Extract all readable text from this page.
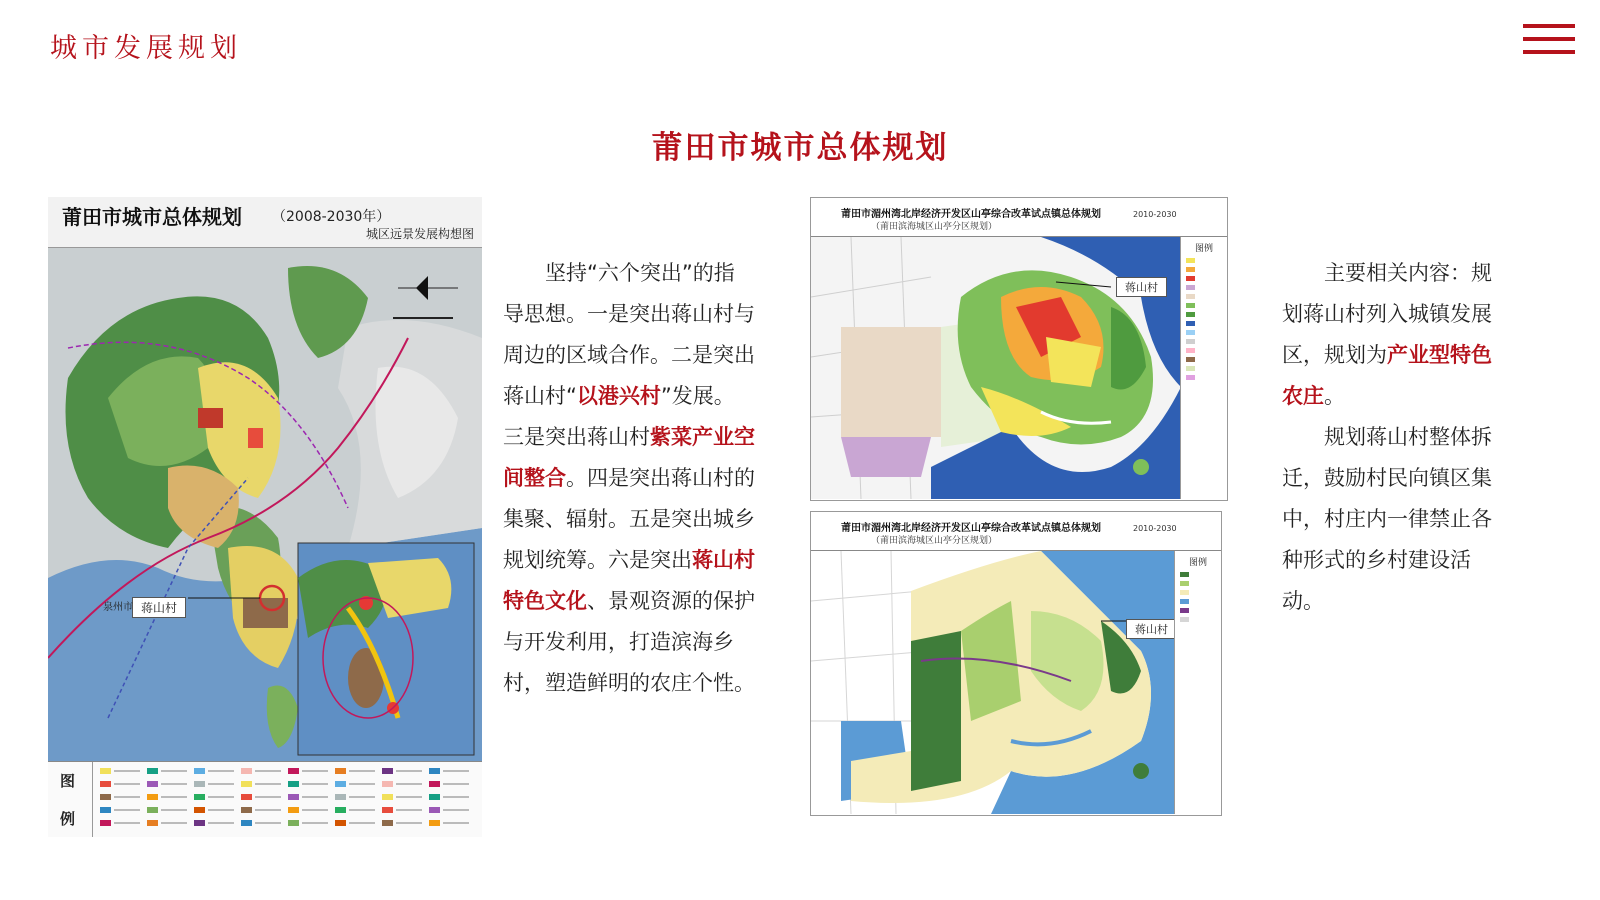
城市发展规划
莆田市城市总体规划
莆田市城市总体规划 （2008-2030年）
城区远景发展构想图
蒋山村
泉州市
图
例

坚持“六个突出”的指导思想。一是突出蒋山村与周边的区域合作。二是突出蒋山村“以港兴村”发展。三是突出蒋山村紫菜产业空间整合。四是突出蒋山村的集聚、辐射。五是突出城乡规划统筹。六是突出蒋山村特色文化、景观资源的保护与开发利用，打造滨海乡村，塑造鲜明的农庄个性。

莆田市湄州湾北岸经济开发区山亭综合改革试点镇总体规划
（莆田滨海城区山亭分区规划）
2010-2030
蒋山村
图例
莆田市湄州湾北岸经济开发区山亭综合改革试点镇总体规划
（莆田滨海城区山亭分区规划）
2010-2030
蒋山村
图例

主要相关内容：规划蒋山村列入城镇发展区，规划为产业型特色农庄。

规划蒋山村整体拆迁，鼓励村民向镇区集中，村庄内一律禁止各种形式的乡村建设活动。
